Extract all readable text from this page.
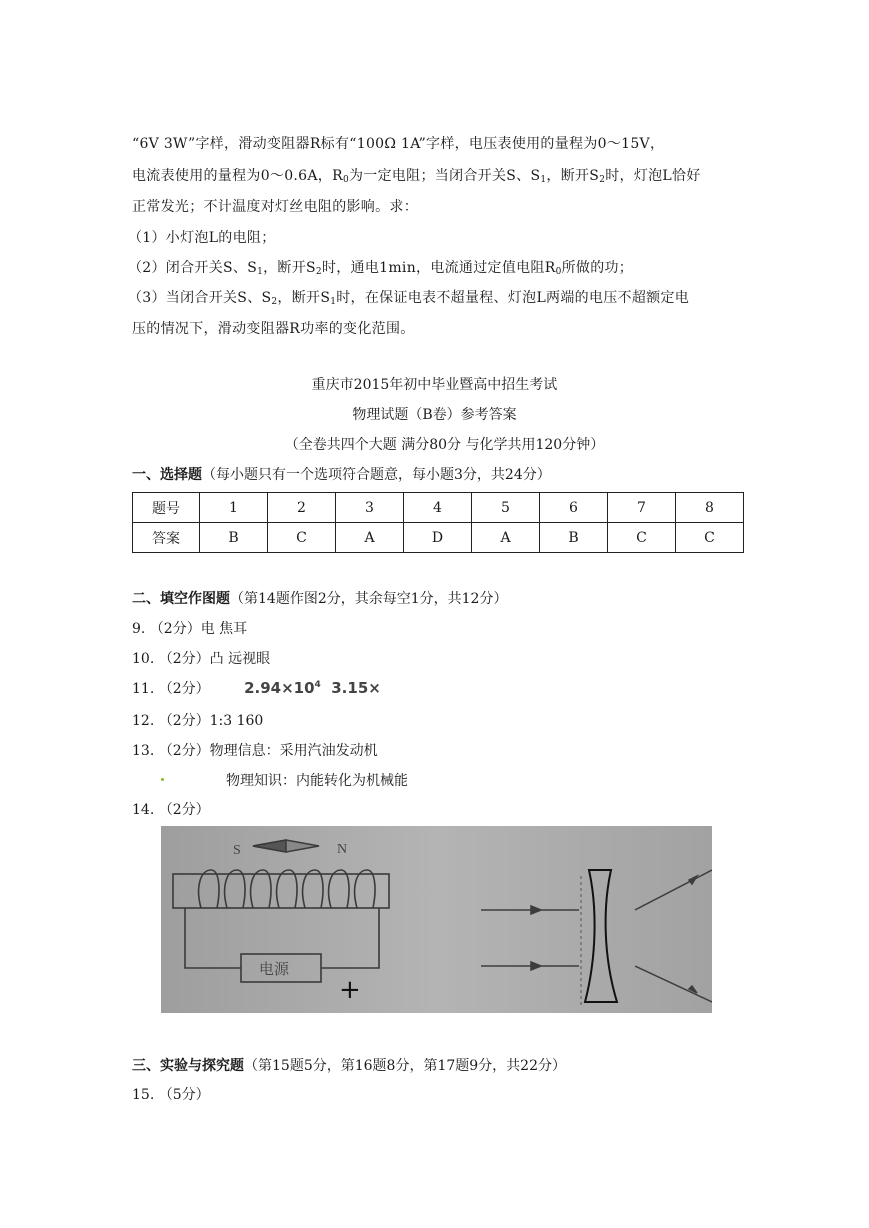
“6V 3W”字样，滑动变阻器R标有“100Ω 1A”字样，电压表使用的量程为0～15V，
电流表使用的量程为0～0.6A，$R_0$为一定电阻；当闭合开关S、$S_1$，断开$S_2$时，灯泡L恰好
正常发光；不计温度对灯丝电阻的影响。求：
（1）小灯泡L的电阻；
（2）闭合开关S、$S_1$，断开$S_2$时，通电1min，电流通过定值电阻$R_0$所做的功；
（3）当闭合开关S、$S_2$，断开$S_1$时，在保证电表不超量程、灯泡L两端的电压不超额定电
压的情况下，滑动变阻器R功率的变化范围。
重庆市2015年初中毕业暨高中招生考试
物理试题（B卷）参考答案
（全卷共四个大题 满分80分 与化学共用120分钟）
一、选择题（每小题只有一个选项符合题意，每小题3分，共24分）
题号	1	2	3	4	5	6	7	8
答案	B	C	A	D	A	B	C	C
二、填空作图题（第14题作图2分，其余每空1分，共12分）
9. （2分）电 焦耳
10. （2分）凸 远视眼
11. （2分） $2.94\times 10^4$ 3.15×
12. （2分）1:3 160
13. （2分）物理信息：采用汽油发动机
物理知识：内能转化为机械能
14. （2分）
S	N
电源
+
三、实验与探究题（第15题5分，第16题8分，第17题9分，共22分）
15. （5分）
